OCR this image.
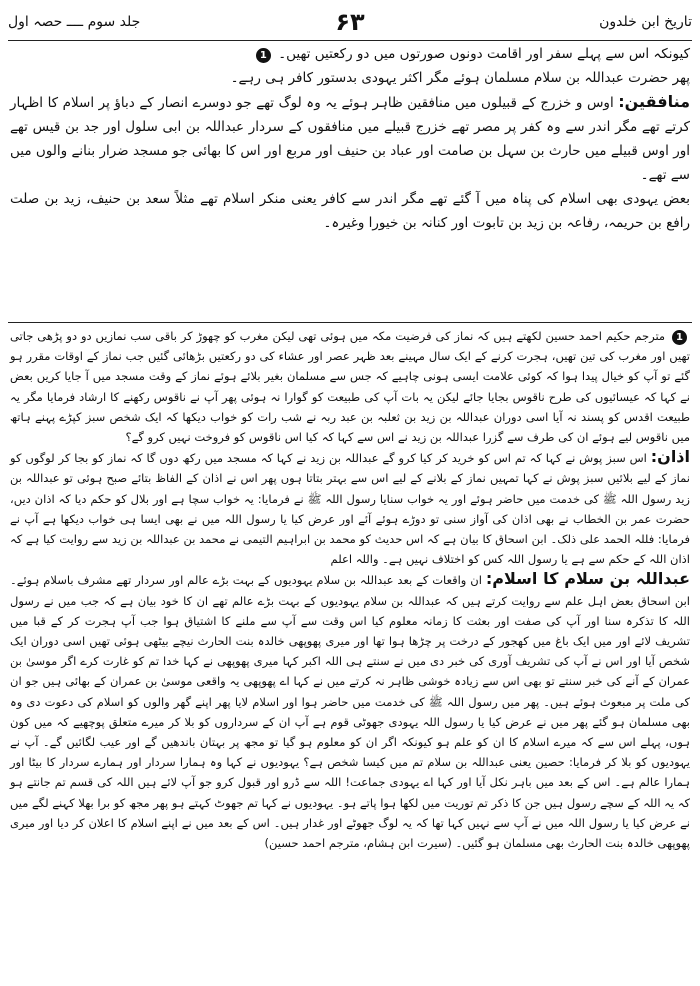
جلد سوم ــــ حصہ اول	۶۳	تاریخ ابن خلدون

کیونکہ اس سے پہلے سفر اور اقامت دونوں صورتوں میں دو رکعتیں تھیں۔ 1

پھر حضرت عبداللہ بن سلام مسلمان ہوئے مگر اکثر یہودی بدستور کافر ہی رہے۔

منافقین: اوس و خزرج کے قبیلوں میں منافقین ظاہر ہوئے یہ وہ لوگ تھے جو دوسرے انصار کے دباؤ پر اسلام کا اظہار کرتے تھے مگر اندر سے وہ کفر پر مصر تھے خزرج قبیلے میں منافقوں کے سردار عبداللہ بن ابی سلول اور جد بن قیس تھے اور اوس قبیلے میں حارث بن سہل بن صامت اور عباد بن حنیف اور مربع اور اس کا بھائی جو مسجد ضرار بنانے والوں میں سے تھے۔

بعض یہودی بھی اسلام کی پناہ میں آ گئے تھے مگر اندر سے کافر یعنی منکر اسلام تھے مثلاً سعد بن حنیف، زید بن صلت رافع بن حریمہ، رفاعہ بن زید بن تابوت اور کنانہ بن خیورا وغیرہ۔

1 مترجم حکیم احمد حسین لکھتے ہیں کہ نماز کی فرضیت مکہ میں ہوئی تھی لیکن مغرب کو چھوڑ کر باقی سب نمازیں دو دو پڑھی جاتی تھیں اور مغرب کی تین تھیں، ہجرت کرنے کے ایک سال مہینے بعد ظہر عصر اور عشاء کی دو رکعتیں بڑھائی گئیں جب نماز کے اوقات مقرر ہو گئے تو آپ کو خیال پیدا ہوا کہ کوئی علامت ایسی ہونی چاہیے کہ جس سے مسلمان بغیر بلائے ہوئے نماز کے وقت مسجد میں آ جایا کریں بعض نے کہا کہ عیسائیوں کی طرح ناقوس بجایا جائے لیکن یہ بات آپ کی طبیعت کو گوارا نہ ہوئی پھر آپ نے ناقوس رکھنے کا ارشاد فرمایا مگر یہ طبیعت اقدس کو پسند نہ آیا اسی دوران عبداللہ بن زید بن ثعلبہ بن عبد ربہ نے شب رات کو خواب دیکھا کہ ایک شخص سبز کپڑے پہنے ہاتھ میں ناقوس لیے ہوئے ان کی طرف سے گزرا عبداللہ بن زید نے اس سے کہا کہ کیا اس ناقوس کو فروخت نہیں کرو گے؟

اذان: اس سبز پوش نے کہا کہ تم اس کو خرید کر کیا کرو گے عبداللہ بن زید نے کہا کہ مسجد میں رکھ دوں گا کہ نماز کو بجا کر لوگوں کو نماز کے لیے بلائیں سبز پوش نے کہا تمہیں نماز کے بلانے کے لیے اس سے بہتر بتاتا ہوں پھر اس نے اذان کے الفاظ بتائے صبح ہوئی تو عبداللہ بن زید رسول اللہ ﷺ کی خدمت میں حاضر ہوئے اور یہ خواب سنایا رسول اللہ ﷺ نے فرمایا: یہ خواب سچا ہے اور بلال کو حکم دیا کہ اذان دیں، حضرت عمر بن الخطاب نے بھی اذان کی آواز سنی تو دوڑے ہوئے آئے اور عرض کیا یا رسول اللہ میں نے بھی ایسا ہی خواب دیکھا ہے آپ نے فرمایا: فللہ الحمد علی ذلک۔ ابن اسحاق کا بیان ہے کہ اس حدیث کو محمد بن ابراہیم التیمی نے محمد بن عبداللہ بن زید سے روایت کیا ہے کہ اذان اللہ کے حکم سے ہے یا رسول اللہ کس کو اختلاف نہیں ہے۔ واللہ اعلم

عبداللہ بن سلام کا اسلام: ان واقعات کے بعد عبداللہ بن سلام یہودیوں کے بہت بڑے عالم اور سردار تھے مشرف باسلام ہوئے۔ ابن اسحاق بعض اہل علم سے روایت کرتے ہیں کہ عبداللہ بن سلام یہودیوں کے بہت بڑے عالم تھے ان کا خود بیان ہے کہ جب میں نے رسول اللہ کا تذکرہ سنا اور آپ کی صفت اور بعثت کا زمانہ معلوم کیا اس وقت سے آپ سے ملنے کا اشتیاق ہوا جب آپ ہجرت کر کے قبا میں تشریف لائے اور میں ایک باغ میں کھجور کے درخت پر چڑھا ہوا تھا اور میری پھوپھی خالدہ بنت الحارث نیچے بیٹھی ہوئی تھیں اسی دوران ایک شخص آیا اور اس نے آپ کی تشریف آوری کی خبر دی میں نے سنتے ہی اللہ اکبر کہا میری پھوپھی نے کہا خدا تم کو غارت کرے اگر موسیٰ بن عمران کے آنے کی خبر سنتے تو بھی اس سے زیادہ خوشی ظاہر نہ کرتے میں نے کہا اے پھوپھی یہ واقعی موسیٰ بن عمران کے بھائی ہیں جو ان کی ملت پر مبعوث ہوئے ہیں۔ پھر میں رسول اللہ ﷺ کی خدمت میں حاضر ہوا اور اسلام لایا پھر اپنے گھر والوں کو اسلام کی دعوت دی وہ بھی مسلمان ہو گئے پھر میں نے عرض کیا یا رسول اللہ یہودی جھوٹی قوم ہے آپ ان کے سرداروں کو بلا کر میرے متعلق پوچھیے کہ میں کون ہوں، پہلے اس سے کہ میرے اسلام کا ان کو علم ہو کیونکہ اگر ان کو معلوم ہو گیا تو مجھ پر بہتان باندھیں گے اور عیب لگائیں گے۔ آپ نے یہودیوں کو بلا کر فرمایا: حصین یعنی عبداللہ بن سلام تم میں کیسا شخص ہے؟ یہودیوں نے کہا وہ ہمارا سردار اور ہمارے سردار کا بیٹا اور ہمارا عالم ہے۔ اس کے بعد میں باہر نکل آیا اور کہا اے یہودی جماعت! اللہ سے ڈرو اور قبول کرو جو آپ لائے ہیں اللہ کی قسم تم جانتے ہو کہ یہ اللہ کے سچے رسول ہیں جن کا ذکر تم توریت میں لکھا ہوا پاتے ہو۔ یہودیوں نے کہا تم جھوٹ کہتے ہو پھر مجھ کو برا بھلا کہنے لگے میں نے عرض کیا یا رسول اللہ میں نے آپ سے نہیں کہا تھا کہ یہ لوگ جھوٹے اور غدار ہیں۔ اس کے بعد میں نے اپنے اسلام کا اعلان کر دیا اور میری پھوپھی خالدہ بنت الحارث بھی مسلمان ہو گئیں۔ (سیرت ابن ہشام، مترجم احمد حسین)
